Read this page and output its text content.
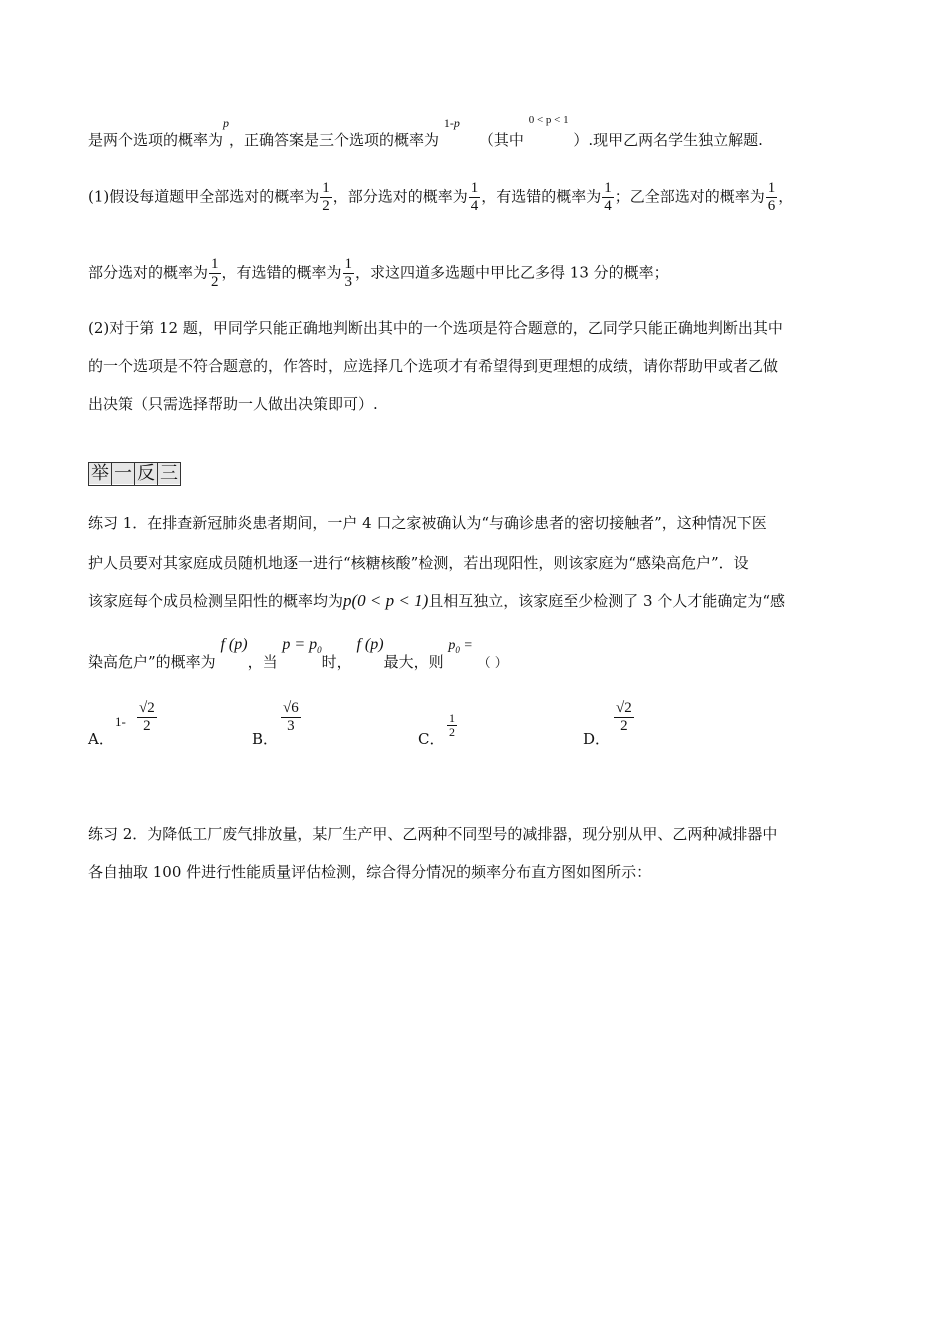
是两个选项的概率为$^p$，正确答案是三个选项的概率为 $^{1-p}$    （其中 $^{0 < p < 1}$ ）.现甲乙两名学生独立解题.
(1)假设每道题甲全部选对的概率为 $\frac{1}{2}$ ，部分选对的概率为 $\frac{1}{4}$ ，有选错的概率为 $\frac{1}{4}$ ；乙全部选对的概率为 $\frac{1}{6}$ ，
部分选对的概率为 $\frac{1}{2}$ ，有选错的概率为 $\frac{1}{3}$ ，求这四道多选题中甲比乙多得 13 分的概率；
(2)对于第 12 题，甲同学只能正确地判断出其中的一个选项是符合题意的，乙同学只能正确地判断出其中
的一个选项是不符合题意的，作答时，应选择几个选项才有希望得到更理想的成绩，请你帮助甲或者乙做
出决策（只需选择帮助一人做出决策即可）.
举 一 反 三
练习 1．在排查新冠肺炎患者期间，一户 4 口之家被确认为“与确诊患者的密切接触者”，这种情况下医
护人员要对其家庭成员随机地逐一进行“核糖核酸”检测，若出现阳性，则该家庭为“感染高危户”．设
该家庭每个成员检测呈阳性的概率均为p(0 < p < 1)且相互独立，该家庭至少检测了 3 个人才能确定为“感
染高危户”的概率为 f (p)，当 $p = p_0$时， f (p)最大，则 $p_0$ = （ ）
A．
$1- \frac{√2}{2}$
B．
$\frac{√6}{3}$
C． $\frac{1}{2}$	D．
$\frac{√2}{2}$
练习 2．为降低工厂废气排放量，某厂生产甲、乙两种不同型号的减排器，现分别从甲、乙两种减排器中
各自抽取 100 件进行性能质量评估检测，综合得分情况的频率分布直方图如图所示：
